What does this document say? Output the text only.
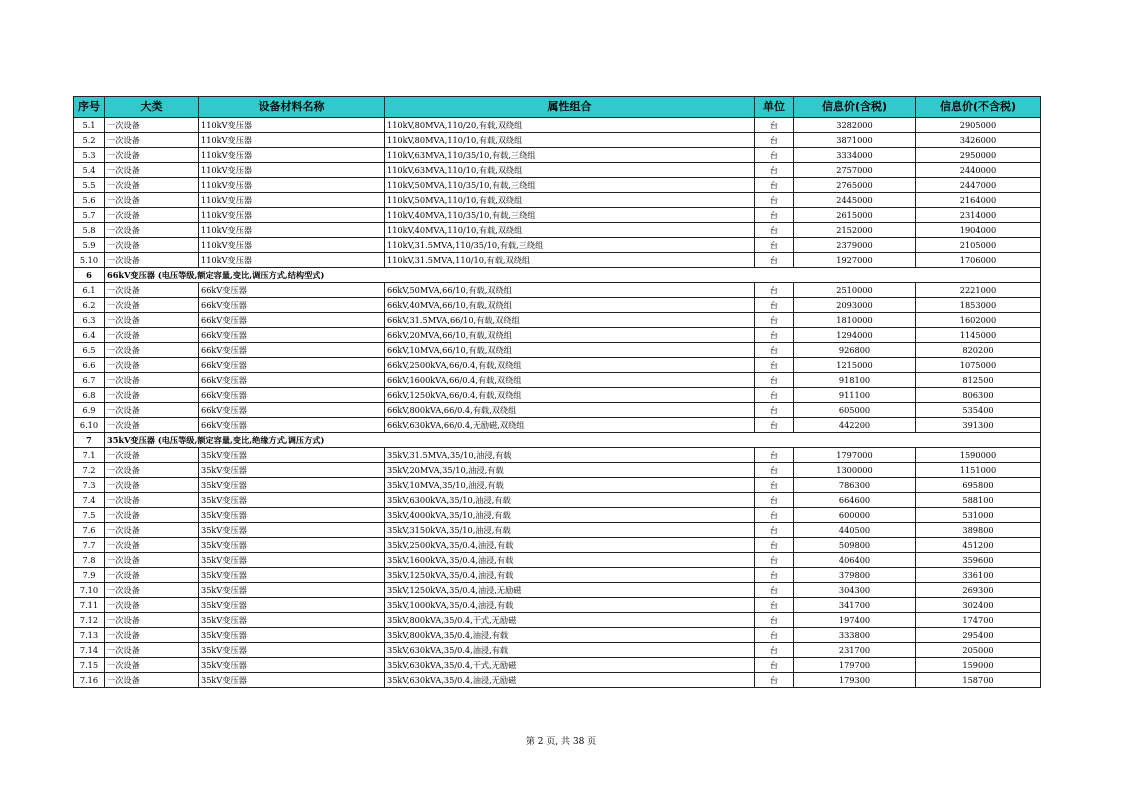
序号	大类	设备材料名称	属性组合	单位	信息价(含税)	信息价(不含税)
5.1	一次设备	110kV变压器	110kV,80MVA,110/20,有载,双绕组	台	3282000	2905000
5.2	一次设备	110kV变压器	110kV,80MVA,110/10,有载,双绕组	台	3871000	3426000
5.3	一次设备	110kV变压器	110kV,63MVA,110/35/10,有载,三绕组	台	3334000	2950000
5.4	一次设备	110kV变压器	110kV,63MVA,110/10,有载,双绕组	台	2757000	2440000
5.5	一次设备	110kV变压器	110kV,50MVA,110/35/10,有载,三绕组	台	2765000	2447000
5.6	一次设备	110kV变压器	110kV,50MVA,110/10,有载,双绕组	台	2445000	2164000
5.7	一次设备	110kV变压器	110kV,40MVA,110/35/10,有载,三绕组	台	2615000	2314000
5.8	一次设备	110kV变压器	110kV,40MVA,110/10,有载,双绕组	台	2152000	1904000
5.9	一次设备	110kV变压器	110kV,31.5MVA,110/35/10,有载,三绕组	台	2379000	2105000
5.10	一次设备	110kV变压器	110kV,31.5MVA,110/10,有载,双绕组	台	1927000	1706000
6	66kV变压器 (电压等级,额定容量,变比,调压方式,结构型式)					
6.1	一次设备	66kV变压器	66kV,50MVA,66/10,有载,双绕组	台	2510000	2221000
6.2	一次设备	66kV变压器	66kV,40MVA,66/10,有载,双绕组	台	2093000	1853000
6.3	一次设备	66kV变压器	66kV,31.5MVA,66/10,有载,双绕组	台	1810000	1602000
6.4	一次设备	66kV变压器	66kV,20MVA,66/10,有载,双绕组	台	1294000	1145000
6.5	一次设备	66kV变压器	66kV,10MVA,66/10,有载,双绕组	台	926800	820200
6.6	一次设备	66kV变压器	66kV,2500kVA,66/0.4,有载,双绕组	台	1215000	1075000
6.7	一次设备	66kV变压器	66kV,1600kVA,66/0.4,有载,双绕组	台	918100	812500
6.8	一次设备	66kV变压器	66kV,1250kVA,66/0.4,有载,双绕组	台	911100	806300
6.9	一次设备	66kV变压器	66kV,800kVA,66/0.4,有载,双绕组	台	605000	535400
6.10	一次设备	66kV变压器	66kV,630kVA,66/0.4,无励磁,双绕组	台	442200	391300
7	35kV变压器 (电压等级,额定容量,变比,绝缘方式,调压方式)					
7.1	一次设备	35kV变压器	35kV,31.5MVA,35/10,油浸,有载	台	1797000	1590000
7.2	一次设备	35kV变压器	35kV,20MVA,35/10,油浸,有载	台	1300000	1151000
7.3	一次设备	35kV变压器	35kV,10MVA,35/10,油浸,有载	台	786300	695800
7.4	一次设备	35kV变压器	35kV,6300kVA,35/10,油浸,有载	台	664600	588100
7.5	一次设备	35kV变压器	35kV,4000kVA,35/10,油浸,有载	台	600000	531000
7.6	一次设备	35kV变压器	35kV,3150kVA,35/10,油浸,有载	台	440500	389800
7.7	一次设备	35kV变压器	35kV,2500kVA,35/0.4,油浸,有载	台	509800	451200
7.8	一次设备	35kV变压器	35kV,1600kVA,35/0.4,油浸,有载	台	406400	359600
7.9	一次设备	35kV变压器	35kV,1250kVA,35/0.4,油浸,有载	台	379800	336100
7.10	一次设备	35kV变压器	35kV,1250kVA,35/0.4,油浸,无励磁	台	304300	269300
7.11	一次设备	35kV变压器	35kV,1000kVA,35/0.4,油浸,有载	台	341700	302400
7.12	一次设备	35kV变压器	35kV,800kVA,35/0.4,干式,无励磁	台	197400	174700
7.13	一次设备	35kV变压器	35kV,800kVA,35/0.4,油浸,有载	台	333800	295400
7.14	一次设备	35kV变压器	35kV,630kVA,35/0.4,油浸,有载	台	231700	205000
7.15	一次设备	35kV变压器	35kV,630kVA,35/0.4,干式,无励磁	台	179700	159000
7.16	一次设备	35kV变压器	35kV,630kVA,35/0.4,油浸,无励磁	台	179300	158700
第 2 页, 共 38 页
